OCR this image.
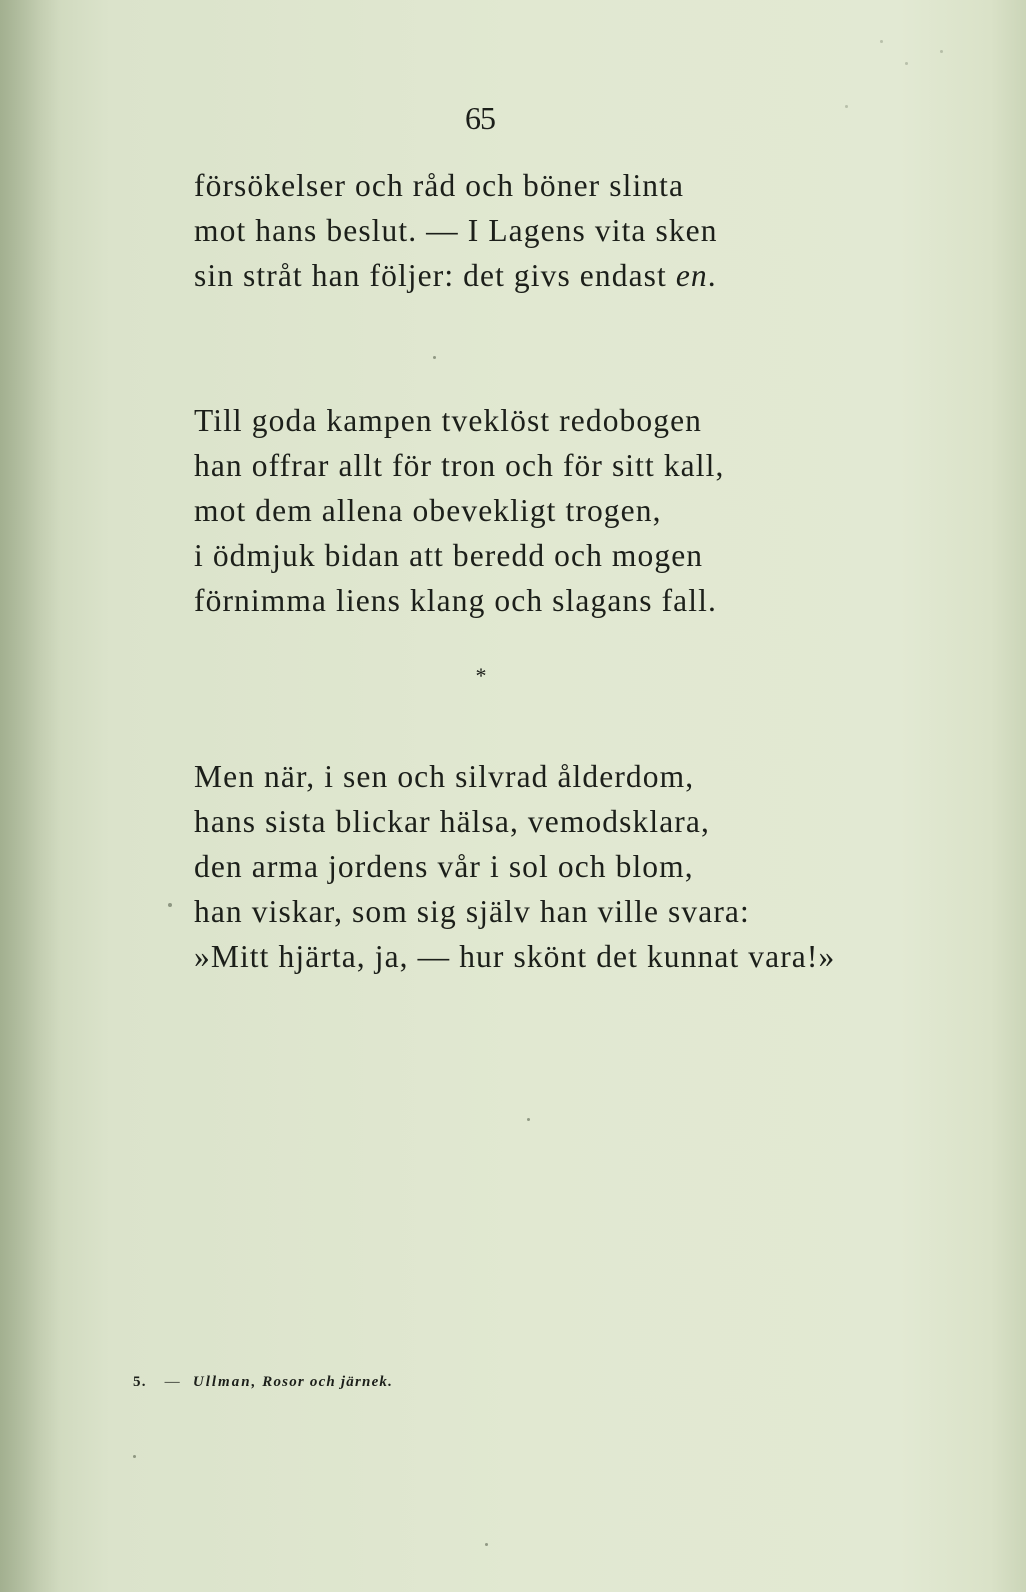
65
försökelser och råd och böner slinta
mot hans beslut. — I Lagens vita sken
sin stråt han följer: det givs endast en.
Till goda kampen tveklöst redobogen
han offrar allt för tron och för sitt kall,
mot dem allena obevekligt trogen,
i ödmjuk bidan att beredd och mogen
förnimma liens klang och slagans fall.
*
Men när, i sen och silvrad ålderdom,
hans sista blickar hälsa, vemodsklara,
den arma jordens vår i sol och blom,
han viskar, som sig själv han ville svara:
»Mitt hjärta, ja, — hur skönt det kunnat vara!»
5. — Ullman, Rosor och järnek.
